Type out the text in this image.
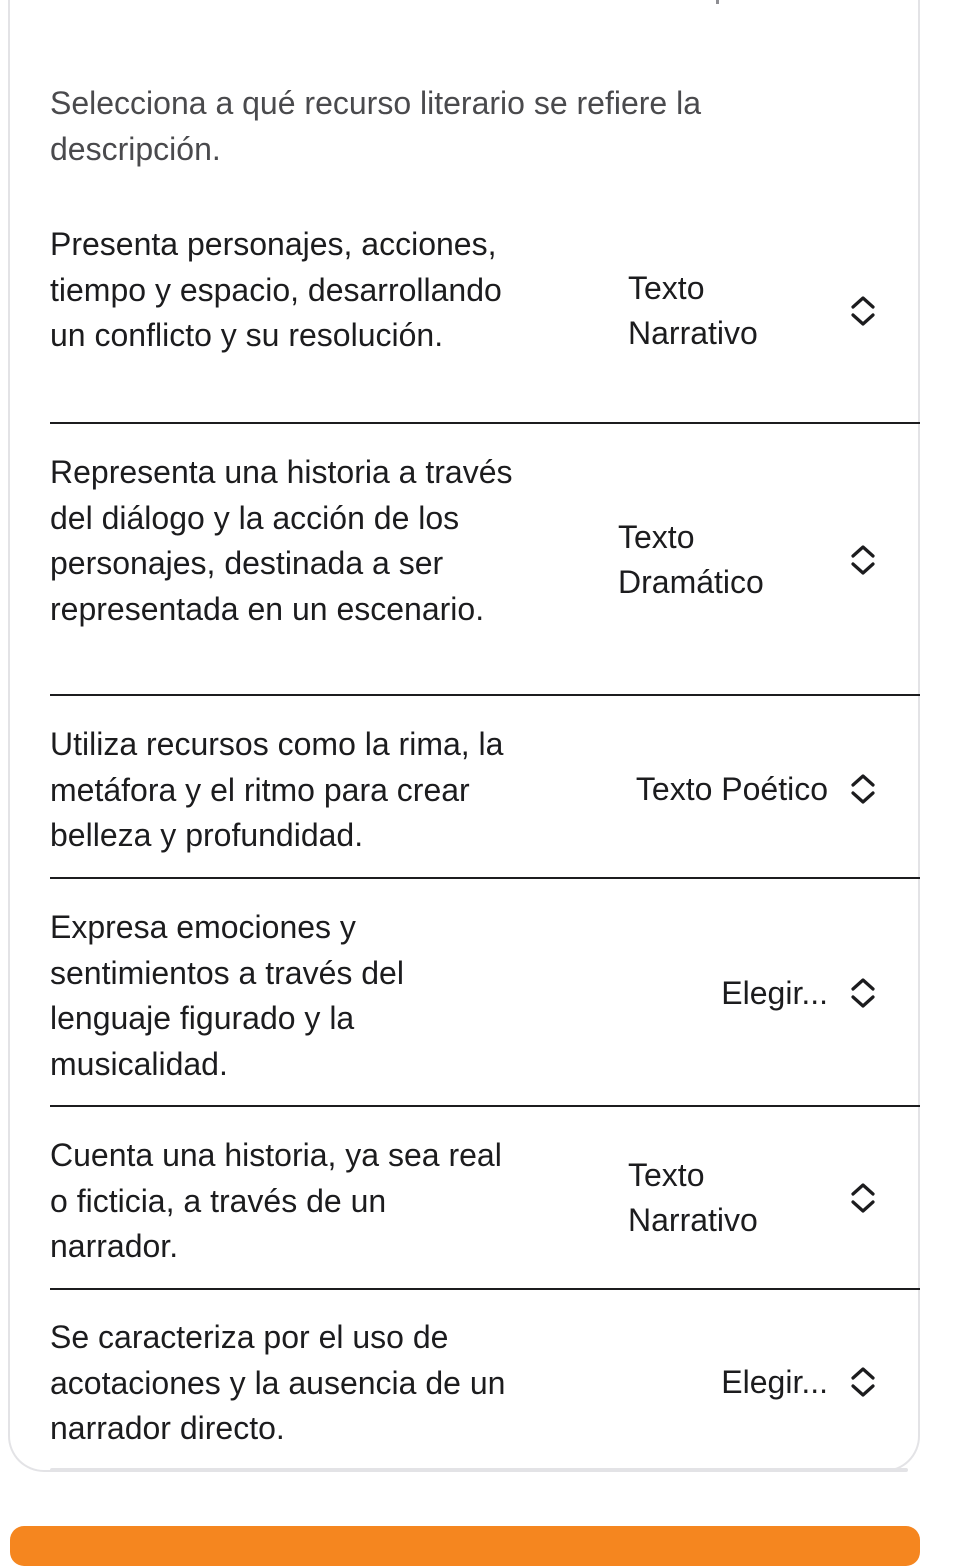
Selecciona a qué recurso literario se refiere la descripción.
Presenta personajes, acciones, tiempo y espacio, desarrollando un conflicto y su resolución.
Texto
Narrativo
Representa una historia a través del diálogo y la acción de los personajes, destinada a ser representada en un escenario.
Texto
Dramático
Utiliza recursos como la rima, la metáfora y el ritmo para crear belleza y profundidad.
Texto Poético
Expresa emociones y sentimientos a través del lenguaje figurado y la musicalidad.
Elegir...
Cuenta una historia, ya sea real o ficticia, a través de un narrador.
Texto
Narrativo
Se caracteriza por el uso de acotaciones y la ausencia de un narrador directo.
Elegir...
